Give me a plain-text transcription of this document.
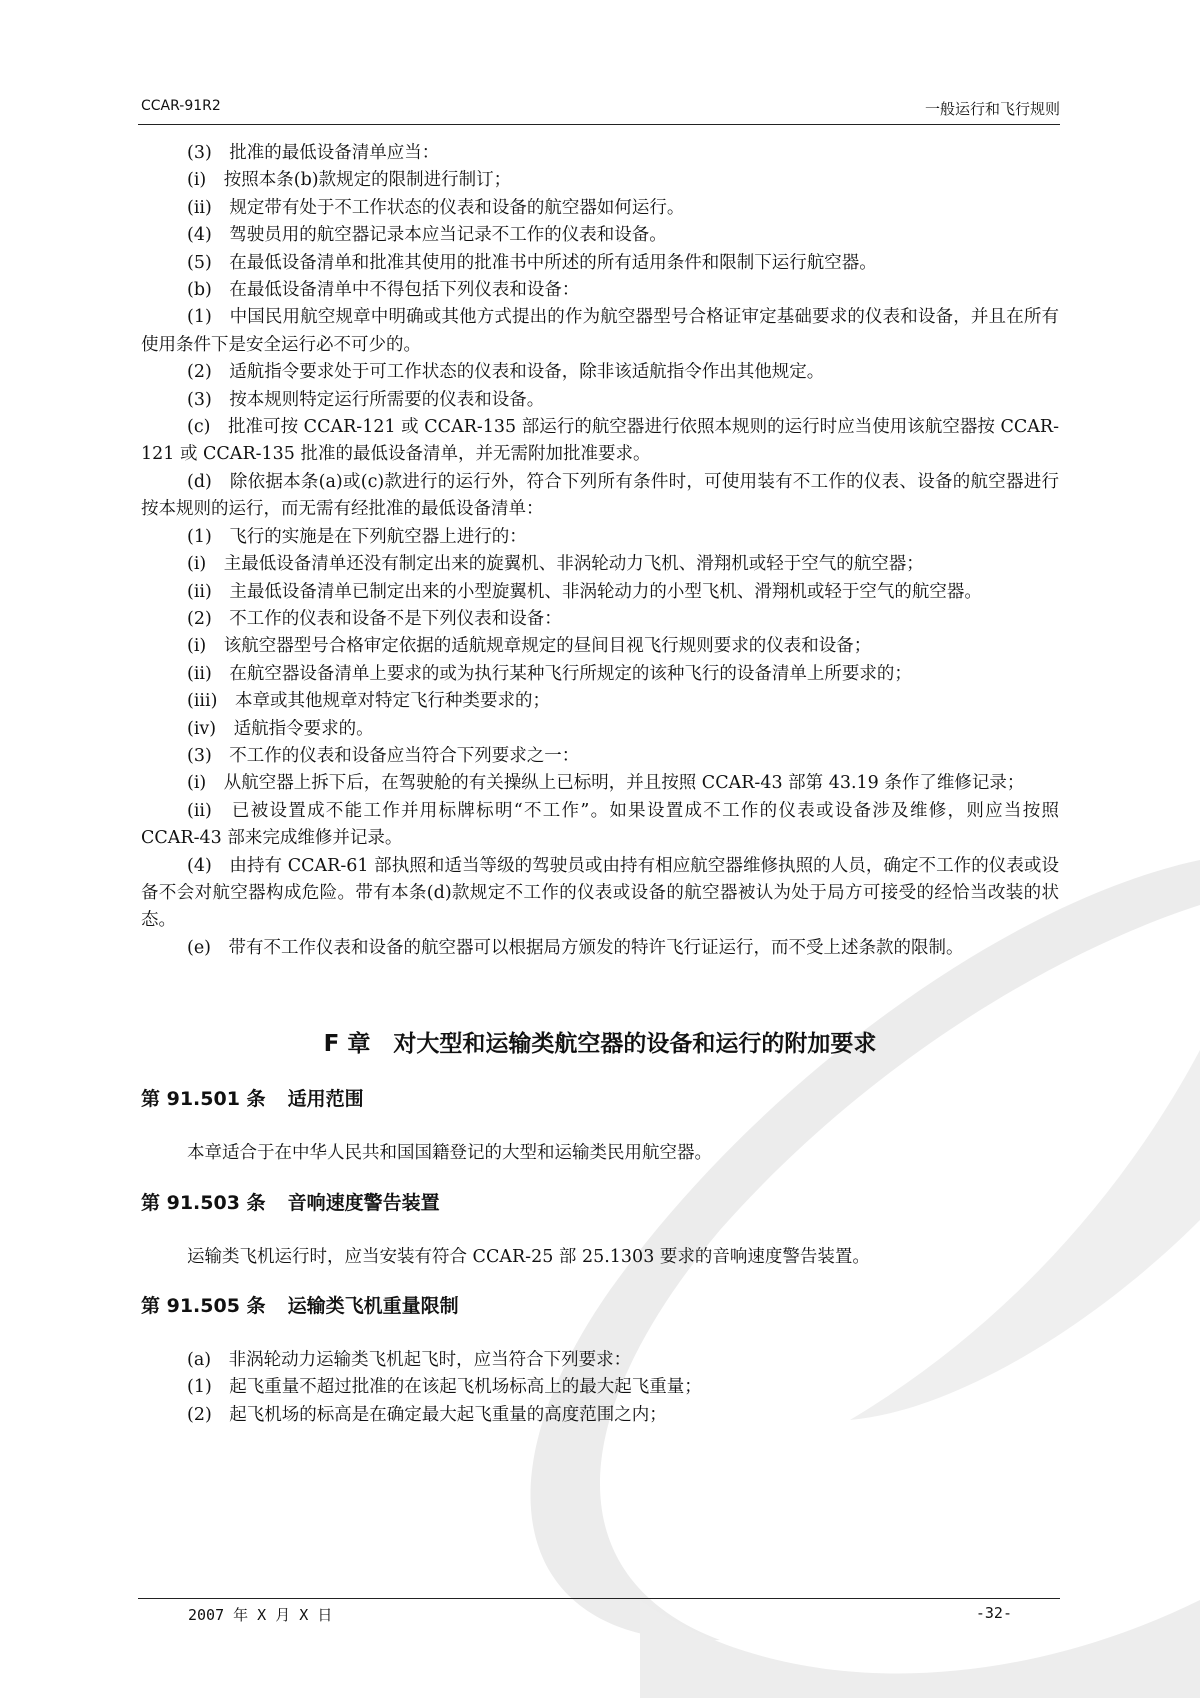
CCAR-91R2	一般运行和飞行规则

(3)　批准的最低设备清单应当：

(i)　按照本条(b)款规定的限制进行制订；

(ii)　规定带有处于不工作状态的仪表和设备的航空器如何运行。

(4)　驾驶员用的航空器记录本应当记录不工作的仪表和设备。

(5)　在最低设备清单和批准其使用的批准书中所述的所有适用条件和限制下运行航空器。

(b)　在最低设备清单中不得包括下列仪表和设备：

(1)　中国民用航空规章中明确或其他方式提出的作为航空器型号合格证审定基础要求的仪表和设备，并且在所有使用条件下是安全运行必不可少的。

(2)　适航指令要求处于可工作状态的仪表和设备，除非该适航指令作出其他规定。

(3)　按本规则特定运行所需要的仪表和设备。

(c)　批准可按 CCAR-121 或 CCAR-135 部运行的航空器进行依照本规则的运行时应当使用该航空器按 CCAR-121 或 CCAR-135 批准的最低设备清单，并无需附加批准要求。

(d)　除依据本条(a)或(c)款进行的运行外，符合下列所有条件时，可使用装有不工作的仪表、设备的航空器进行按本规则的运行，而无需有经批准的最低设备清单：

(1)　飞行的实施是在下列航空器上进行的：

(i)　主最低设备清单还没有制定出来的旋翼机、非涡轮动力飞机、滑翔机或轻于空气的航空器；

(ii)　主最低设备清单已制定出来的小型旋翼机、非涡轮动力的小型飞机、滑翔机或轻于空气的航空器。

(2)　不工作的仪表和设备不是下列仪表和设备：

(i)　该航空器型号合格审定依据的适航规章规定的昼间目视飞行规则要求的仪表和设备；

(ii)　在航空器设备清单上要求的或为执行某种飞行所规定的该种飞行的设备清单上所要求的；

(iii)　本章或其他规章对特定飞行种类要求的；

(iv)　适航指令要求的。

(3)　不工作的仪表和设备应当符合下列要求之一：

(i)　从航空器上拆下后，在驾驶舱的有关操纵上已标明，并且按照 CCAR-43 部第 43.19 条作了维修记录；

(ii)　已被设置成不能工作并用标牌标明“不工作”。如果设置成不工作的仪表或设备涉及维修，则应当按照 CCAR-43 部来完成维修并记录。

(4)　由持有 CCAR-61 部执照和适当等级的驾驶员或由持有相应航空器维修执照的人员，确定不工作的仪表或设备不会对航空器构成危险。带有本条(d)款规定不工作的仪表或设备的航空器被认为处于局方可接受的经恰当改装的状态。

(e)　带有不工作仪表和设备的航空器可以根据局方颁发的特许飞行证运行，而不受上述条款的限制。

F 章　对大型和运输类航空器的设备和运行的附加要求
第 91.501 条 适用范围

本章适合于在中华人民共和国国籍登记的大型和运输类民用航空器。

第 91.503 条 音响速度警告装置

运输类飞机运行时，应当安装有符合 CCAR-25 部 25.1303 要求的音响速度警告装置。

第 91.505 条 运输类飞机重量限制

(a)　非涡轮动力运输类飞机起飞时，应当符合下列要求：

(1)　起飞重量不超过批准的在该起飞机场标高上的最大起飞重量；

(2)　起飞机场的标高是在确定最大起飞重量的高度范围之内；

2007 年 X 月 X 日	-32-
